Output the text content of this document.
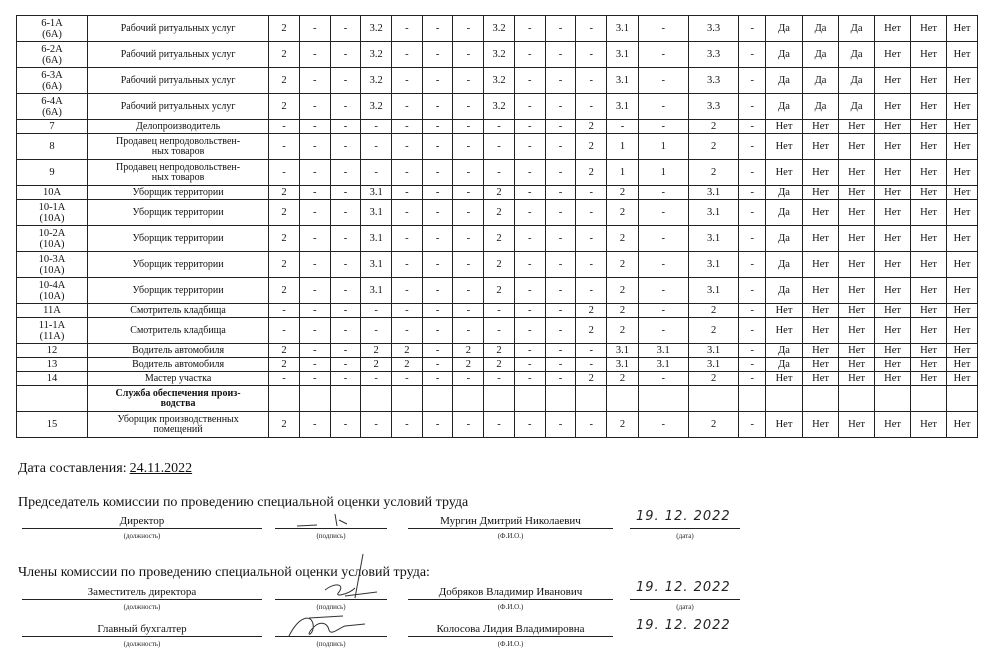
6-1А
(6А)	Рабочий ритуальных услуг	2	-	-	3.2	-	-	-	3.2	-	-	-	3.1	-	3.3	-	Да	Да	Да	Нет	Нет	Нет
6-2А
(6А)	Рабочий ритуальных услуг	2	-	-	3.2	-	-	-	3.2	-	-	-	3.1	-	3.3	-	Да	Да	Да	Нет	Нет	Нет
6-3А
(6А)	Рабочий ритуальных услуг	2	-	-	3.2	-	-	-	3.2	-	-	-	3.1	-	3.3	-	Да	Да	Да	Нет	Нет	Нет
6-4А
(6А)	Рабочий ритуальных услуг	2	-	-	3.2	-	-	-	3.2	-	-	-	3.1	-	3.3	-	Да	Да	Да	Нет	Нет	Нет
7	Делопроизводитель	-	-	-	-	-	-	-	-	-	-	2	-	-	2	-	Нет	Нет	Нет	Нет	Нет	Нет
8	Продавец непродовольствен-
ных товаров	-	-	-	-	-	-	-	-	-	-	2	1	1	2	-	Нет	Нет	Нет	Нет	Нет	Нет
9	Продавец непродовольствен-
ных товаров	-	-	-	-	-	-	-	-	-	-	2	1	1	2	-	Нет	Нет	Нет	Нет	Нет	Нет
10А	Уборщик территории	2	-	-	3.1	-	-	-	2	-	-	-	2	-	3.1	-	Да	Нет	Нет	Нет	Нет	Нет
10-1А
(10А)	Уборщик территории	2	-	-	3.1	-	-	-	2	-	-	-	2	-	3.1	-	Да	Нет	Нет	Нет	Нет	Нет
10-2А
(10А)	Уборщик территории	2	-	-	3.1	-	-	-	2	-	-	-	2	-	3.1	-	Да	Нет	Нет	Нет	Нет	Нет
10-3А
(10А)	Уборщик территории	2	-	-	3.1	-	-	-	2	-	-	-	2	-	3.1	-	Да	Нет	Нет	Нет	Нет	Нет
10-4А
(10А)	Уборщик территории	2	-	-	3.1	-	-	-	2	-	-	-	2	-	3.1	-	Да	Нет	Нет	Нет	Нет	Нет
11А	Смотритель кладбища	-	-	-	-	-	-	-	-	-	-	2	2	-	2	-	Нет	Нет	Нет	Нет	Нет	Нет
11-1А
(11А)	Смотритель кладбища	-	-	-	-	-	-	-	-	-	-	2	2	-	2	-	Нет	Нет	Нет	Нет	Нет	Нет
12	Водитель автомобиля	2	-	-	2	2	-	2	2	-	-	-	3.1	3.1	3.1	-	Да	Нет	Нет	Нет	Нет	Нет
13	Водитель автомобиля	2	-	-	2	2	-	2	2	-	-	-	3.1	3.1	3.1	-	Да	Нет	Нет	Нет	Нет	Нет
14	Мастер участка	-	-	-	-	-	-	-	-	-	-	2	2	-	2	-	Нет	Нет	Нет	Нет	Нет	Нет
	Служба обеспечения произ-
водства																					
15	Уборщик производственных
помещений	2	-	-	-	-	-	-	-	-	-	-	2	-	2	-	Нет	Нет	Нет	Нет	Нет	Нет
Дата составления: 24.11.2022
Председатель комиссии по проведению специальной оценки условий труда
Директор
(должность)	(подпись)
Мургин Дмитрий Николаевич
(Ф.И.О.)
19. 12. 2022
(дата)
Члены комиссии по проведению специальной оценки условий труда:
Заместитель директора
(должность)	(подпись)
Добряков Владимир Иванович
(Ф.И.О.)
19. 12. 2022
(дата)
Главный бухгалтер
(должность)	(подпись)
Колосова Лидия Владимировна
(Ф.И.О.)
19. 12. 2022
